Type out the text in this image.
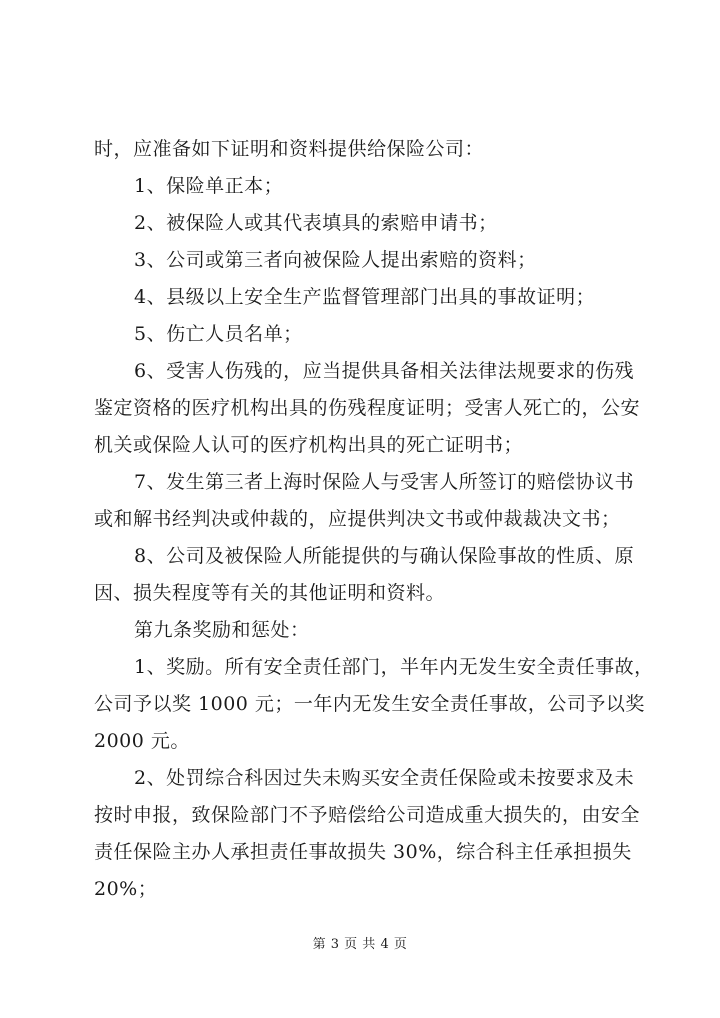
时，应准备如下证明和资料提供给保险公司：
1、保险单正本；
2、被保险人或其代表填具的索赔申请书；
3、公司或第三者向被保险人提出索赔的资料；
4、县级以上安全生产监督管理部门出具的事故证明；
5、伤亡人员名单；
6、受害人伤残的，应当提供具备相关法律法规要求的伤残
鉴定资格的医疗机构出具的伤残程度证明；受害人死亡的，公安
机关或保险人认可的医疗机构出具的死亡证明书；
7、发生第三者上海时保险人与受害人所签订的赔偿协议书
或和解书经判决或仲裁的，应提供判决文书或仲裁裁决文书；
8、公司及被保险人所能提供的与确认保险事故的性质、原
因、损失程度等有关的其他证明和资料。
第九条奖励和惩处：
1、奖励。所有安全责任部门，半年内无发生安全责任事故，
公司予以奖 1000 元；一年内无发生安全责任事故，公司予以奖
2000 元。
2、处罚综合科因过失未购买安全责任保险或未按要求及未
按时申报，致保险部门不予赔偿给公司造成重大损失的，由安全
责任保险主办人承担责任事故损失 30%，综合科主任承担损失
20%；
第 3 页 共 4 页
